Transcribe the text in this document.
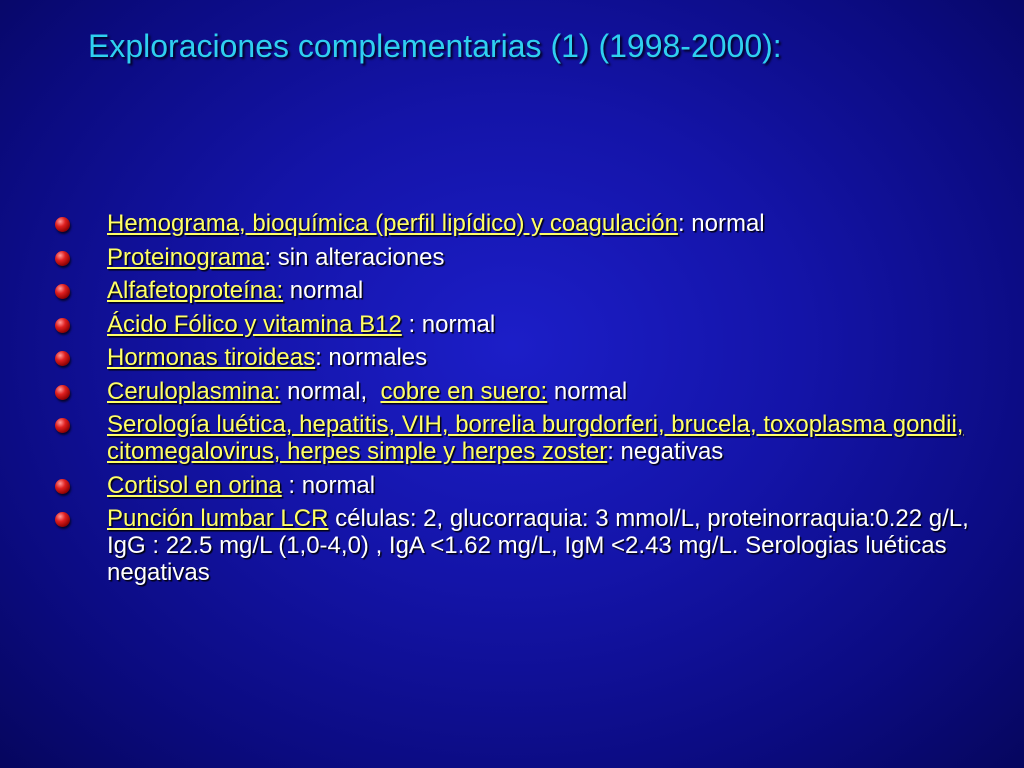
Exploraciones complementarias (1) (1998-2000):
Hemograma, bioquímica (perfil lipídico) y coagulación: normal
Proteinograma: sin alteraciones
Alfafetoproteína: normal
Ácido Fólico y vitamina B12 : normal
Hormonas tiroideas: normales
Ceruloplasmina: normal,  cobre en suero: normal
Serología luética, hepatitis, VIH, borrelia burgdorferi, brucela, toxoplasma gondii, citomegalovirus, herpes simple y herpes zoster: negativas
Cortisol en orina : normal
Punción lumbar LCR células: 2, glucorraquia: 3 mmol/L, proteinorraquia:0.22 g/L, IgG : 22.5 mg/L (1,0-4,0) , IgA <1.62 mg/L, IgM <2.43 mg/L. Serologias luéticas negativas
